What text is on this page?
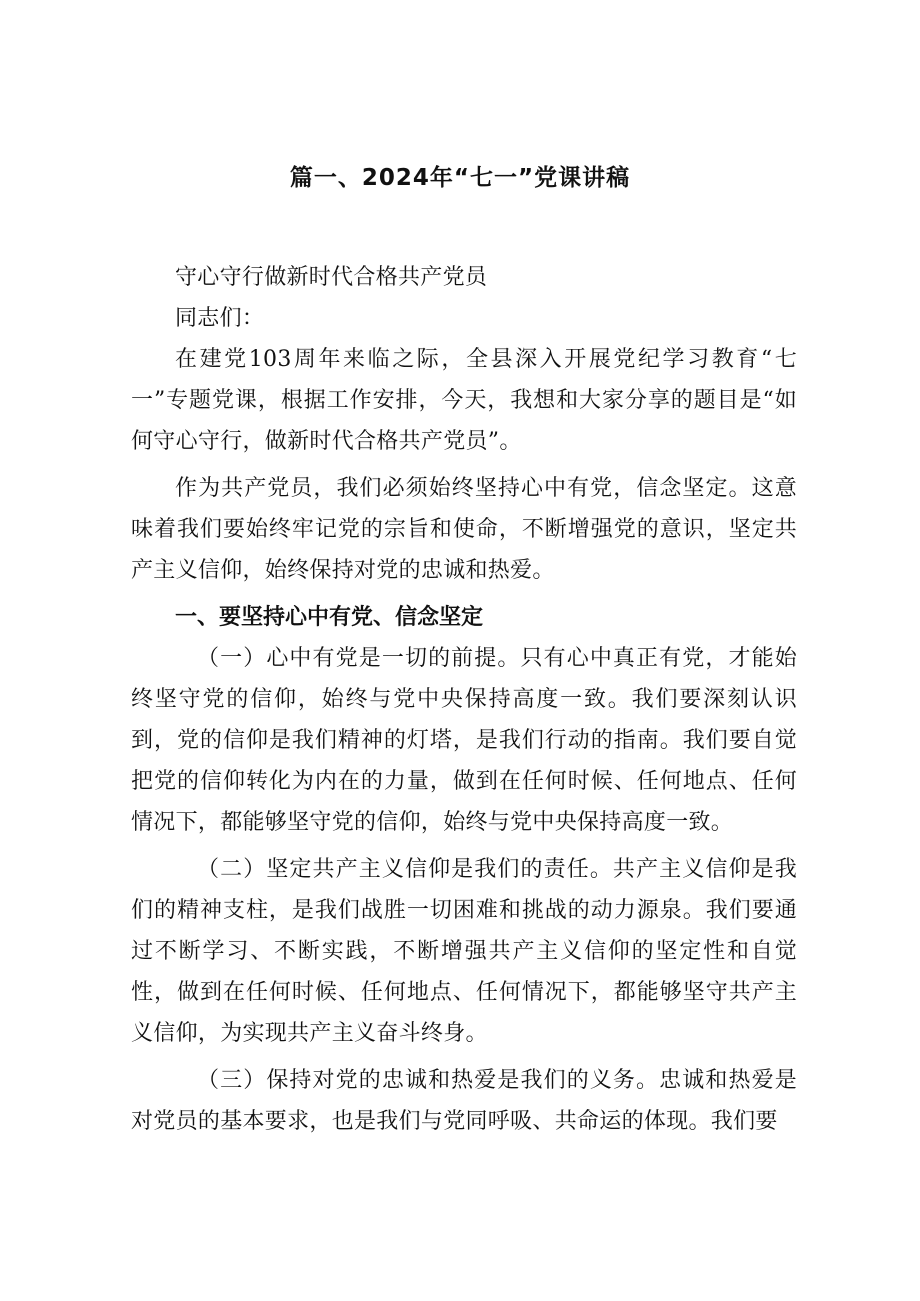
篇一、2024年“七一”党课讲稿

守心守行做新时代合格共产党员

同志们：

在建党103周年来临之际，全县深入开展党纪学习教育“七一”专题党课，根据工作安排，今天，我想和大家分享的题目是“如何守心守行，做新时代合格共产党员”。

作为共产党员，我们必须始终坚持心中有党，信念坚定。这意味着我们要始终牢记党的宗旨和使命，不断增强党的意识，坚定共产主义信仰，始终保持对党的忠诚和热爱。

一、要坚持心中有党、信念坚定

（一）心中有党是一切的前提。只有心中真正有党，才能始终坚守党的信仰，始终与党中央保持高度一致。我们要深刻认识到，党的信仰是我们精神的灯塔，是我们行动的指南。我们要自觉把党的信仰转化为内在的力量，做到在任何时候、任何地点、任何情况下，都能够坚守党的信仰，始终与党中央保持高度一致。

（二）坚定共产主义信仰是我们的责任。共产主义信仰是我们的精神支柱，是我们战胜一切困难和挑战的动力源泉。我们要通过不断学习、不断实践，不断增强共产主义信仰的坚定性和自觉性，做到在任何时候、任何地点、任何情况下，都能够坚守共产主义信仰，为实现共产主义奋斗终身。

（三）保持对党的忠诚和热爱是我们的义务。忠诚和热爱是对党员的基本要求，也是我们与党同呼吸、共命运的体现。我们要
